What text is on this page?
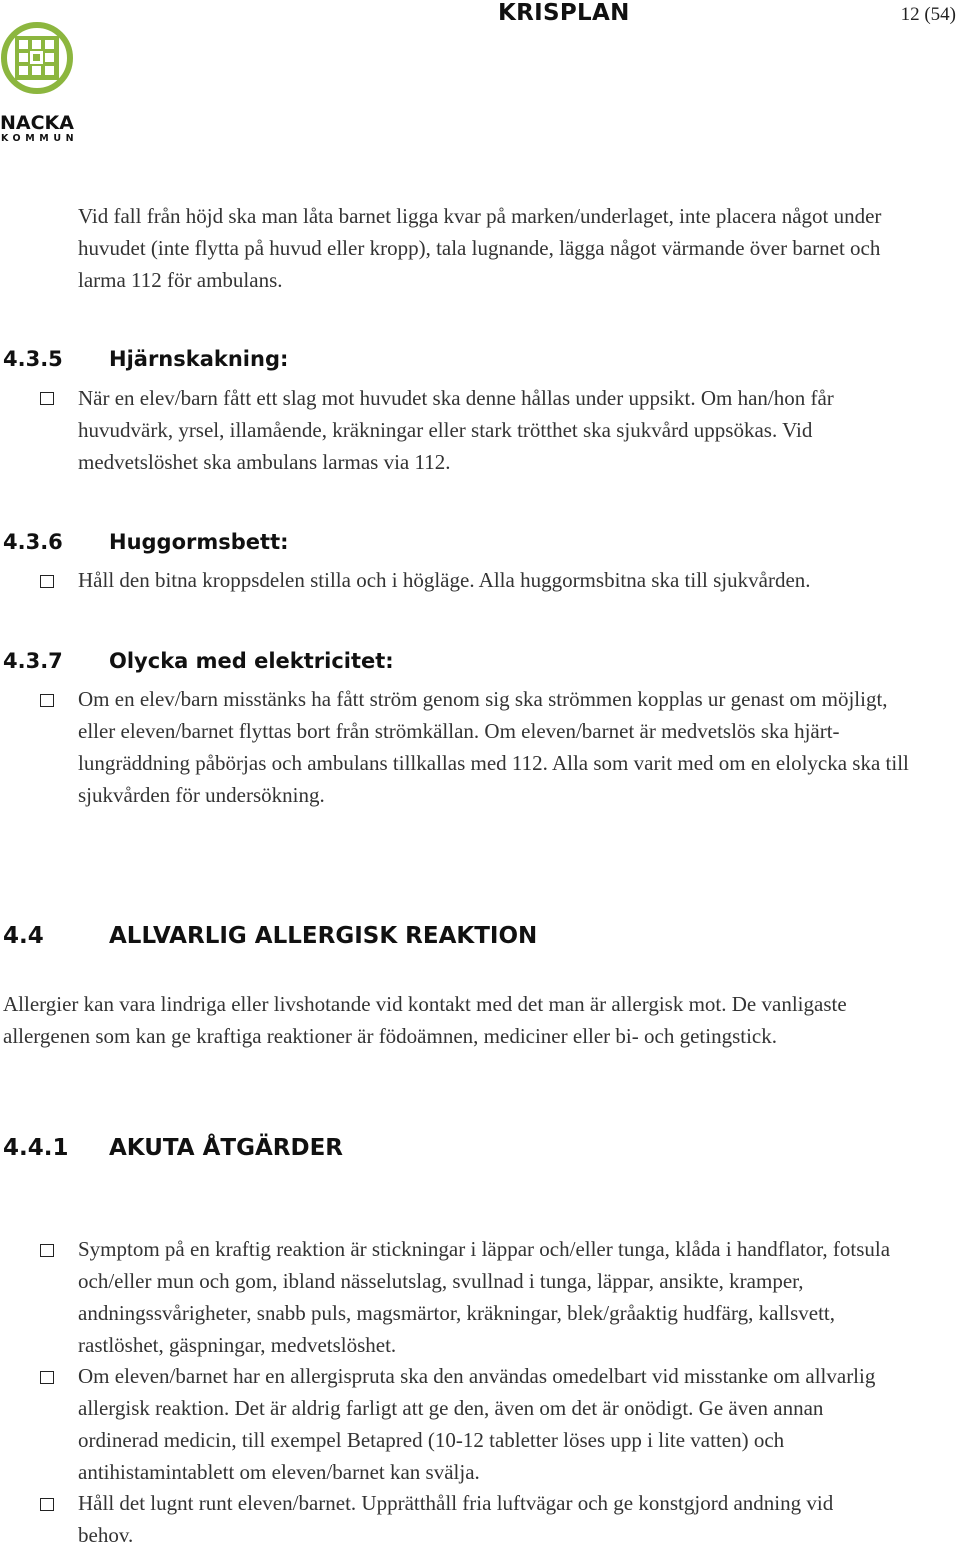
KRISPLAN	12 (54)
NACKA
KOMMUN

Vid fall från höjd ska man låta barnet ligga kvar på marken/underlaget, inte placera något under huvudet (inte flytta på huvud eller kropp), tala lugnande, lägga något värmande över barnet och larma 112 för ambulans.

4.3.5 Hjärnskakning:

När en elev/barn fått ett slag mot huvudet ska denne hållas under uppsikt. Om han/hon får huvudvärk, yrsel, illamående, kräkningar eller stark trötthet ska sjukvård uppsökas. Vid medvetslöshet ska ambulans larmas via 112.

4.3.6 Huggormsbett:

Håll den bitna kroppsdelen stilla och i högläge. Alla huggormsbitna ska till sjukvården.

4.3.7 Olycka med elektricitet:

Om en elev/barn misstänks ha fått ström genom sig ska strömmen kopplas ur genast om möjligt, eller eleven/barnet flyttas bort från strömkällan. Om eleven/barnet är medvetslös ska hjärt-lungräddning påbörjas och ambulans tillkallas med 112. Alla som varit med om en elolycka ska till sjukvården för undersökning.

4.4	ALLVARLIG ALLERGISK REAKTION

Allergier kan vara lindriga eller livshotande vid kontakt med det man är allergisk mot. De vanligaste allergenen som kan ge kraftiga reaktioner är födoämnen, mediciner eller bi- och getingstick.

4.4.1 AKUTA ÅTGÄRDER

Symptom på en kraftig reaktion är stickningar i läppar och/eller tunga, klåda i handflator, fotsula och/eller mun och gom, ibland nässelutslag, svullnad i tunga, läppar, ansikte, kramper, andningssvårigheter, snabb puls, magsmärtor, kräkningar, blek/gråaktig hudfärg, kallsvett, rastlöshet, gäspningar, medvetslöshet.

Om eleven/barnet har en allergispruta ska den användas omedelbart vid misstanke om allvarlig allergisk reaktion. Det är aldrig farligt att ge den, även om det är onödigt. Ge även annan ordinerad medicin, till exempel Betapred (10-12 tabletter löses upp i lite vatten) och antihistamintablett om eleven/barnet kan svälja.

Håll det lugnt runt eleven/barnet. Upprätthåll fria luftvägar och ge konstgjord andning vid behov.
